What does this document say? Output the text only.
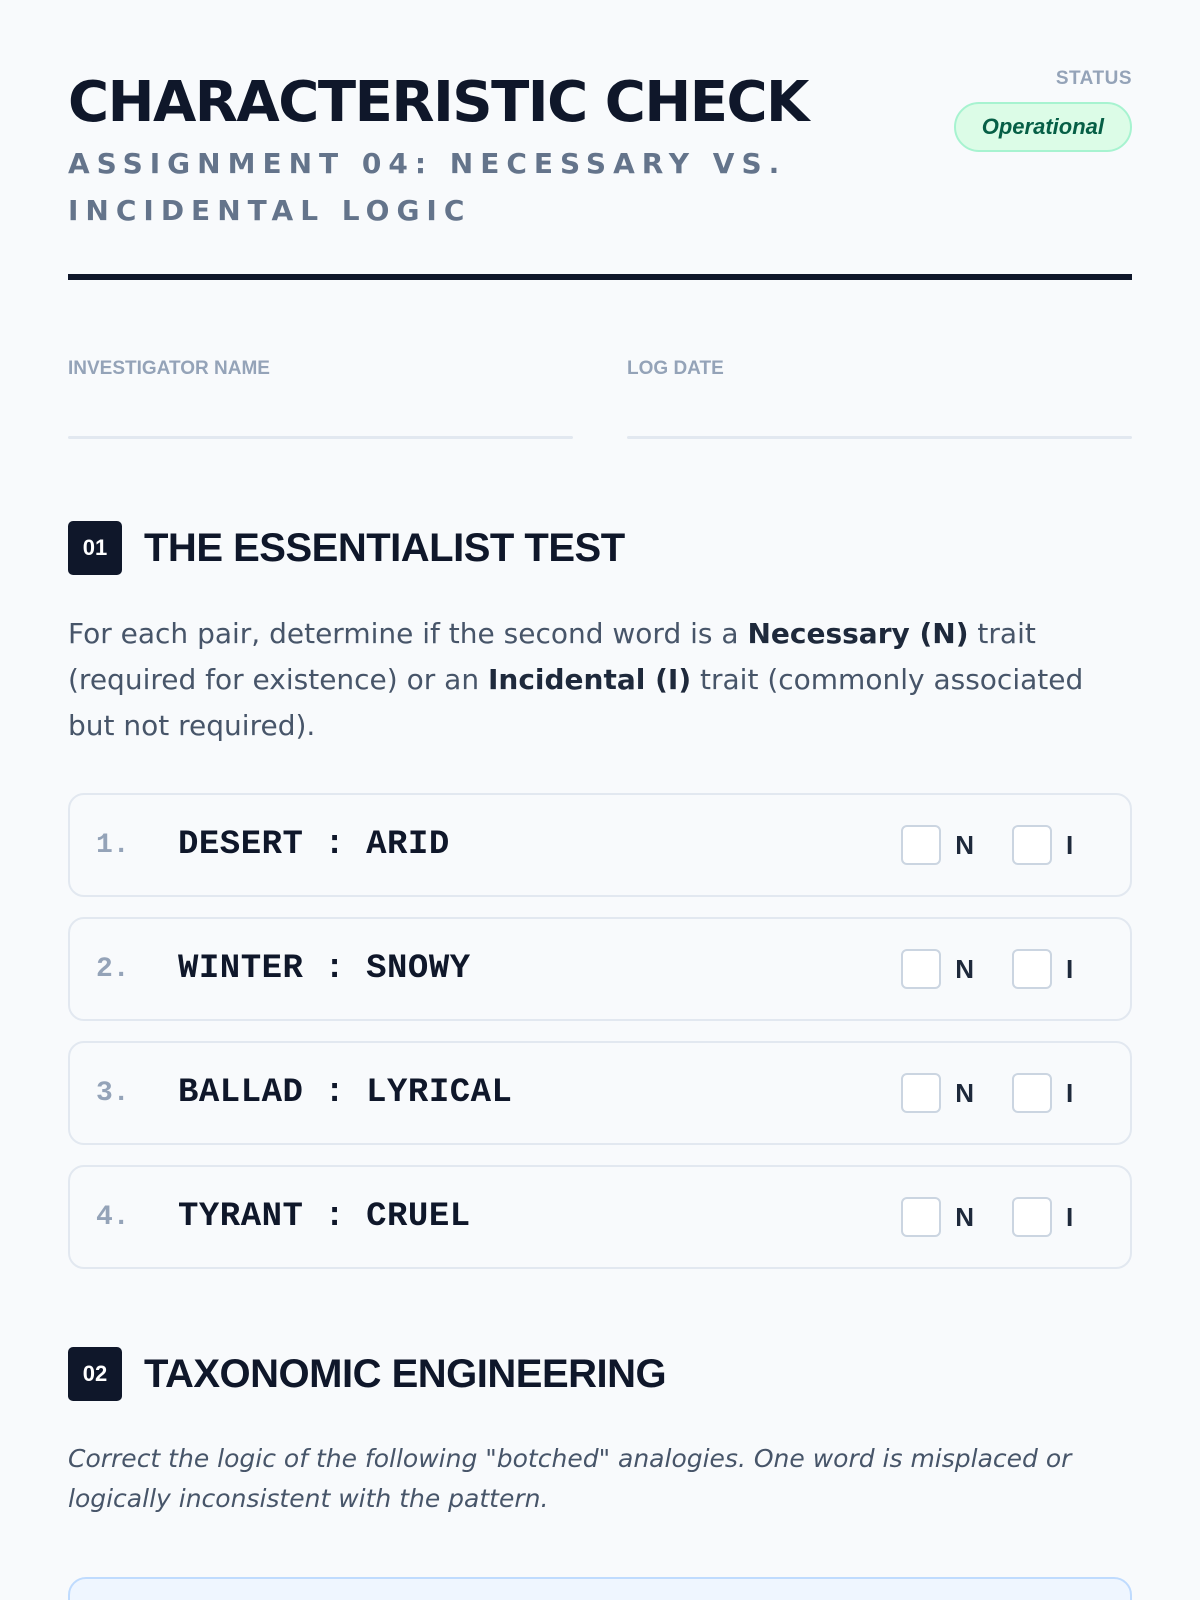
CHARACTERISTIC CHECK
ASSIGNMENT 04: NECESSARY VS. INCIDENTAL LOGIC
STATUS
Operational
INVESTIGATOR NAME	LOG DATE
01 THE ESSENTIALIST TEST

For each pair, determine if the second word is a Necessary (N) trait (required for existence) or an Incidental (I) trait (commonly associated but not required).

1.	DESERT : ARID	N	I
2.	WINTER : SNOWY	N	I
3.	BALLAD : LYRICAL	N	I
4.	TYRANT : CRUEL	N	I
02 TAXONOMIC ENGINEERING

Correct the logic of the following "botched" analogies. One word is misplaced or logically inconsistent with the pattern.
